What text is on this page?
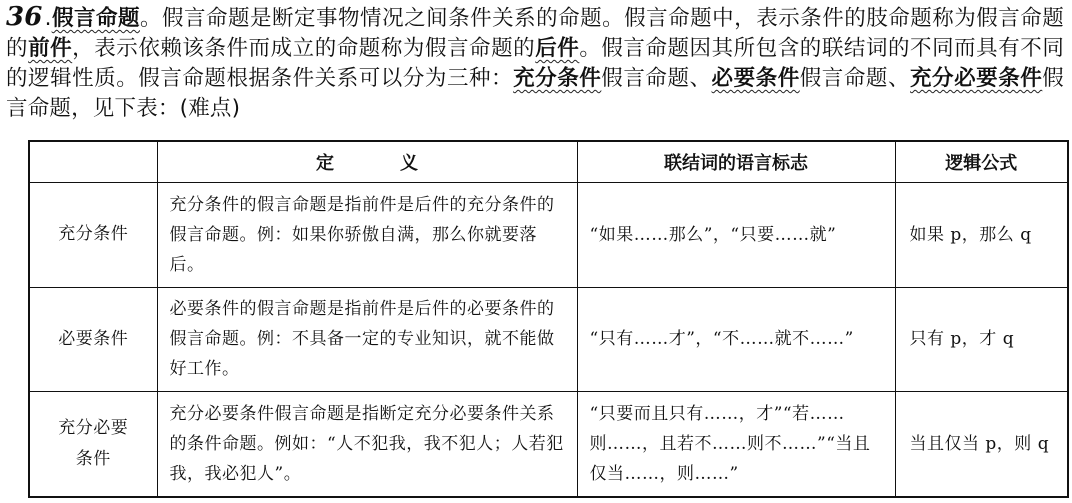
36.假言命题。假言命题是断定事物情况之间条件关系的命题。假言命题中，表示条件的肢命题称为假言命题的前件，表示依赖该条件而成立的命题称为假言命题的后件。假言命题因其所包含的联结词的不同而具有不同的逻辑性质。假言命题根据条件关系可以分为三种：充分条件假言命题、必要条件假言命题、充分必要条件假言命题，见下表：(难点)

	定 义	联结词的语言标志	逻辑公式
充分条件	充分条件的假言命题是指前件是后件的充分条件的假言命题。例：如果你骄傲自满，那么你就要落后。	“如果……那么”，“只要……就”	如果 p，那么 q
必要条件	必要条件的假言命题是指前件是后件的必要条件的假言命题。例：不具备一定的专业知识，就不能做好工作。	“只有……才”，“不……就不……”	只有 p，才 q
充分必要
条件	充分必要条件假言命题是指断定充分必要条件关系的条件命题。例如：“人不犯我，我不犯人；人若犯我，我必犯人”。	“只要而且只有……，才”“若……则……，且若不……则不……”“当且仅当……，则……”	当且仅当 p，则 q
